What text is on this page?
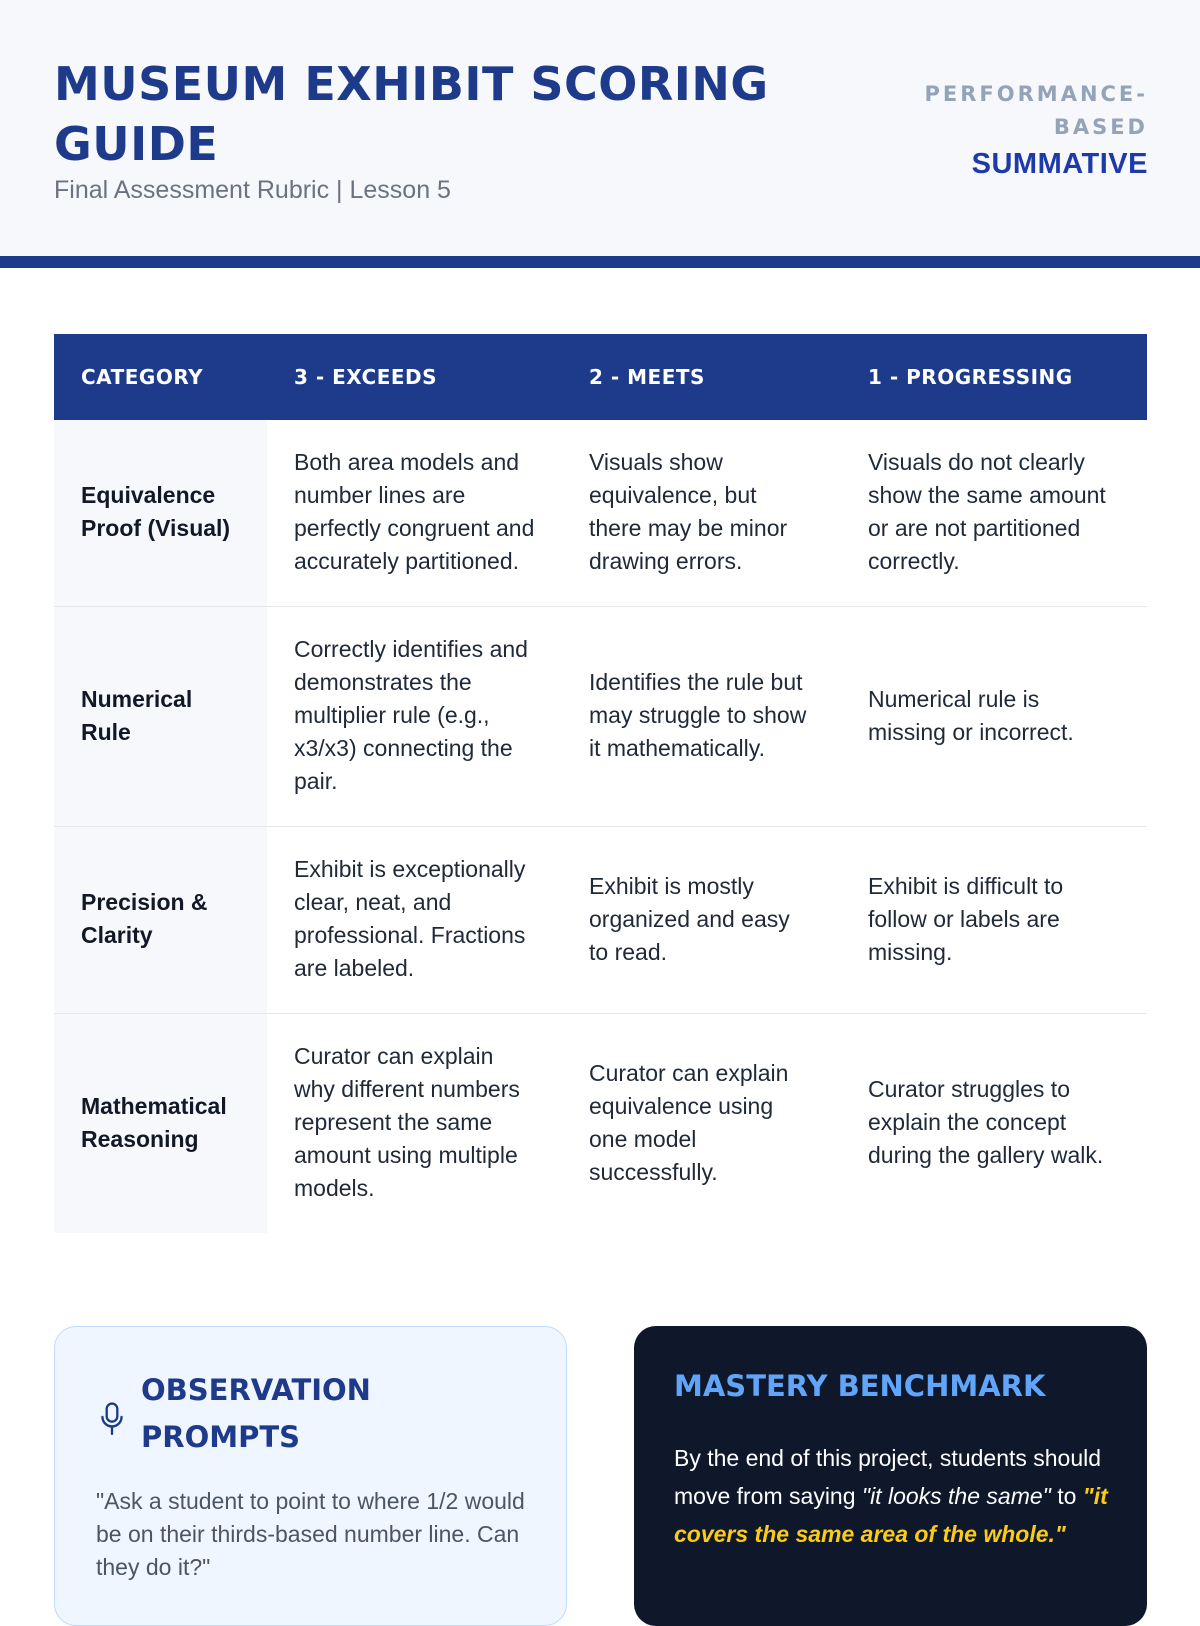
MUSEUM EXHIBIT SCORING GUIDE
Final Assessment Rubric | Lesson 5
PERFORMANCE-BASED
SUMMATIVE
CATEGORY	3 - EXCEEDS	2 - MEETS	1 - PROGRESSING
Equivalence Proof (Visual)	Both area models and number lines are perfectly congruent and accurately partitioned.	Visuals show equivalence, but there may be minor drawing errors.	Visuals do not clearly show the same amount or are not partitioned correctly.
Numerical Rule	Correctly identifies and demonstrates the multiplier rule (e.g., x3/x3) connecting the pair.	Identifies the rule but may struggle to show it mathematically.	Numerical rule is missing or incorrect.
Precision & Clarity	Exhibit is exceptionally clear, neat, and professional. Fractions are labeled.	Exhibit is mostly organized and easy to read.	Exhibit is difficult to follow or labels are missing.
Mathematical Reasoning	Curator can explain why different numbers represent the same amount using multiple models.	Curator can explain equivalence using one model successfully.	Curator struggles to explain the concept during the gallery walk.
OBSERVATION PROMPTS
"Ask a student to point to where 1/2 would be on their thirds-based number line. Can they do it?"
MASTERY BENCHMARK
By the end of this project, students should move from saying "it looks the same" to "it covers the same area of the whole."
